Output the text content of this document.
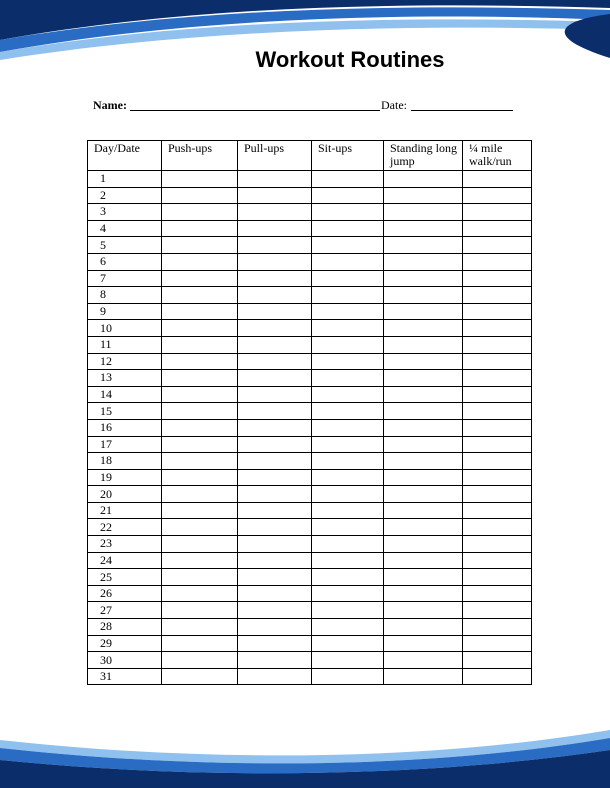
Workout Routines
Name:	Date:
Day/Date	Push-ups	Pull-ups	Sit-ups	Standing long jump	¼ mile walk/run
1					
2					
3					
4					
5					
6					
7					
8					
9					
10					
11					
12					
13					
14					
15					
16					
17					
18					
19					
20					
21					
22					
23					
24					
25					
26					
27					
28					
29					
30					
31					
